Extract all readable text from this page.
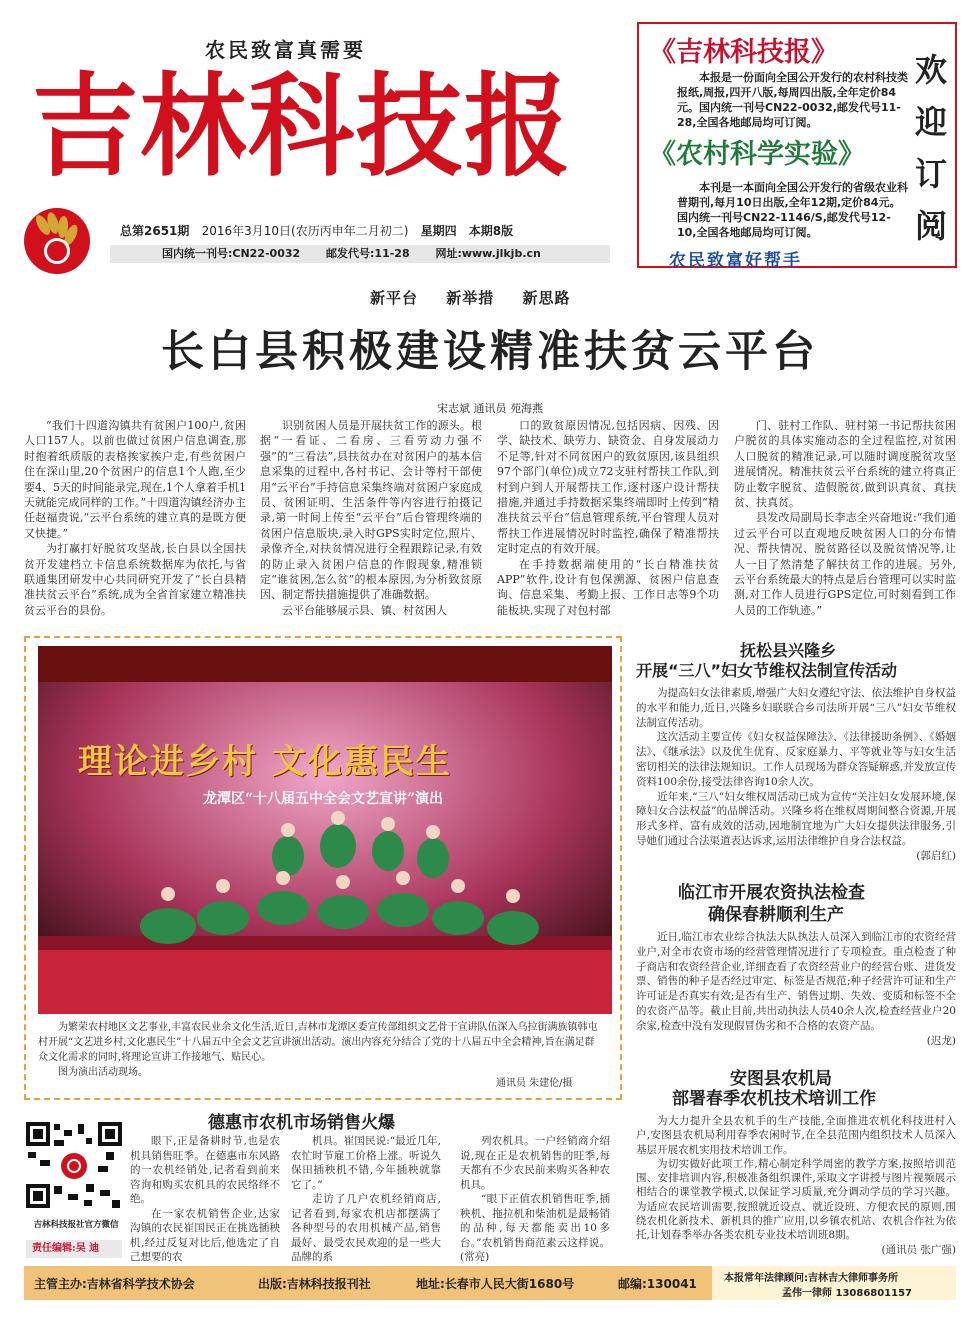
农民致富真需要
吉林科技报
总第2651期 2016年3月10日(农历丙申年二月初二) 星期四 本期8版
国内统一刊号:CN22-0032 邮发代号:11-28 网址:www.jlkjb.cn
《吉林科技报》
本报是一份面向全国公开发行的农村科技类报纸,周报,四开八版,每周四出版,全年定价84元。国内统一刊号CN22-0032,邮发代号11-28,全国各地邮局均可订阅。
《农村科学实验》
本刊是一本面向全国公开发行的省级农业科普期刊,每月10日出版,全年12期,定价84元。国内统一刊号CN22-1146/S,邮发代号12-10,全国各地邮局均可订阅。
欢迎订阅
农民致富好帮手
新平台 新举措 新思路
长白县积极建设精准扶贫云平台
宋志斌 通讯员 苑海燕

“我们十四道沟镇共有贫困户100户,贫困人口157人。以前也做过贫困户信息调查,那时抱着纸质版的表格挨家挨户走,有些贫困户住在深山里,20个贫困户的信息1个人跑,至少要4、5天的时间能录完,现在,1个人拿着手机1天就能完成同样的工作。”十四道沟镇经济办主任赵福贵说,“云平台系统的建立真的是既方便又快捷。”

为打赢打好脱贫攻坚战,长白县以全国扶贫开发建档立卡信息系统数据库为依托,与省联通集团研发中心共同研究开发了“长白县精准扶贫云平台”系统,成为全省首家建立精准扶贫云平台的县份。

识别贫困人员是开展扶贫工作的源头。根据“一看证、二看房、三看劳动力强不强”的“三看法”,县扶贫办在对贫困户的基本信息采集的过程中,各村书记、会计等村干部使用“云平台”手持信息采集终端对贫困户家庭成员、贫困证明、生活条件等内容进行拍摄记录,第一时间上传至“云平台”后台管理终端的贫困户信息版块,录入时GPS实时定位,照片、录像齐全,对扶贫情况进行全程跟踪记录,有效的防止录入贫困户信息的作假现象,精准锁定“谁贫困,怎么贫”的根本原因,为分析致贫原因、制定帮扶措施提供了准确数据。

云平台能够展示县、镇、村贫困人

口的致贫原因情况,包括因病、因残、因学、缺技术、缺劳力、缺资金、自身发展动力不足等,针对不同贫困户的致贫原因,该县组织97个部门(单位)成立72支驻村帮扶工作队,到村到户到人开展帮扶工作,逐村逐户设计帮扶措施,并通过手持数据采集终端即时上传到“精准扶贫云平台”信息管理系统,平台管理人员对帮扶工作进展情况时时监控,确保了精准帮扶定时定点的有效开展。

在手持数据端使用的“长白精准扶贫APP”软件,设计有包保溯源、贫困户信息查询、信息采集、考勤上报、工作日志等9个功能板块,实现了对包村部

门、驻村工作队、驻村第一书记帮扶贫困户脱贫的具体实施动态的全过程监控,对贫困人口脱贫的精准记录,可以随时调度脱贫攻坚进展情况。精准扶贫云平台系统的建立将真正防止数字脱贫、造假脱贫,做到识真贫、真扶贫、扶真贫。

县发改局副局长李志全兴奋地说:“我们通过云平台可以直观地反映贫困人口的分布情况、帮扶情况、脱贫路径以及脱贫情况等,让人一目了然清楚了解扶贫工作的进展。另外,云平台系统最大的特点是后台管理可以实时监测,对工作人员进行GPS定位,可时刻看到工作人员的工作轨迹。”

理论进乡村 文化惠民生
龙潭区“十八届五中全会文艺宣讲”演出

为繁荣农村地区文艺事业,丰富农民业余文化生活,近日,吉林市龙潭区委宣传部组织文艺骨干宣讲队伍深入乌拉街满族镇韩屯村开展“文艺进乡村,文化惠民生”十八届五中全会文艺宣讲演出活动。演出内容充分结合了党的十八届五中全会精神,旨在满足群众文化需求的同时,将理论宣讲工作接地气、贴民心。

图为演出活动现场。

通讯员 朱建伦/摄
抚松县兴隆乡
开展“三八”妇女节维权法制宣传活动

为提高妇女法律素质,增强广大妇女遵纪守法、依法维护自身权益的水平和能力,近日,兴隆乡妇联联合乡司法所开展“三八”妇女节维权法制宣传活动。

这次活动主要宣传《妇女权益保障法》、《法律援助条例》、《婚姻法》、《继承法》以及优生优育、反家庭暴力、平等就业等与妇女生活密切相关的法律法规知识。工作人员现场为群众答疑解惑,并发放宣传资料100余份,接受法律咨询10余人次。

近年来,“三八”妇女维权周活动已成为宣传“关注妇女发展环境,保障妇女合法权益”的品牌活动。兴隆乡将在维权周期间整合资源,开展形式多样、富有成效的活动,因地制宜地为广大妇女提供法律服务,引导她们通过合法渠道表达诉求,运用法律维护自身合法权益。

(郭启红)
临江市开展农资执法检查
确保春耕顺利生产

近日,临江市农业综合执法大队执法人员深入到临江市的农资经营业户,对全市农资市场的经营管理情况进行了专项检查。重点检查了种子商店和农资经营企业,详细查看了农资经营业户的经营台账、进货发票、销售的种子是否经过审定、标签是否规范;种子经营许可证和生产许可证是否真实有效;是否有生产、销售过期、失效、变质和标签不全的农资产品等。截止目前,共出动执法人员40余人次,检查经营业户20余家,检查中没有发现假冒伪劣和不合格的农资产品。

(迟龙)
安图县农机局
部署春季农机技术培训工作

为大力提升全县农机手的生产技能,全面推进农机化科技进村入户,安图县农机局利用春季农闲时节,在全县范围内组织技术人员深入基层开展农机实用技术培训工作。

为切实做好此项工作,精心制定科学周密的教学方案,按照培训范围、安排培训内容,积极准备组织课件,采取文字讲授与图片视频展示相结合的课堂教学模式,以保证学习质量,充分调动学员的学习兴趣。为适应农民培训需要,按照就近设点、就近设班、方便农民的原则,围绕农机化新技术、新机具的推广应用,以乡镇农机站、农机合作社为依托,计划春季举办各类农机专业技术培训班8期。

(通讯员 张广强)
德惠市农机市场销售火爆

眼下,正是备耕时节,也是农机具销售旺季。在德惠市东风路的一农机经销处,记者看到前来咨询和购买农机具的农民络绎不绝。

在一家农机销售企业,达家沟镇的农民崔国民正在挑选插秧机,经过反复对比后,他选定了自己想要的农

机具。崔国民说:“最近几年,农忙时节雇工价格上涨。听说久保田插秧机不错,今年插秧就靠它了。”

走访了几户农机经销商店,记者看到,每家农机店都摆满了各种型号的农用机械产品,销售最好、最受农民欢迎的是一些大品牌的系

列农机具。一户经销商介绍说,现在正是农机销售的旺季,每天都有不少农民前来购买各种农机具。

“眼下正值农机销售旺季,插秧机、拖拉机和柴油机是最畅销的品种,每天都能卖出10多台。”农机销售商范素云这样说。(常亮)

吉林科技报社官方微信
责任编辑:吴 迪
主管主办:吉林省科学技术协会	出版:吉林科技报刊社	地址:长春市人民大街1680号	邮编:130041	本报常年法律顾问:吉林吉大律师事务所
孟伟一律师 13086801157
